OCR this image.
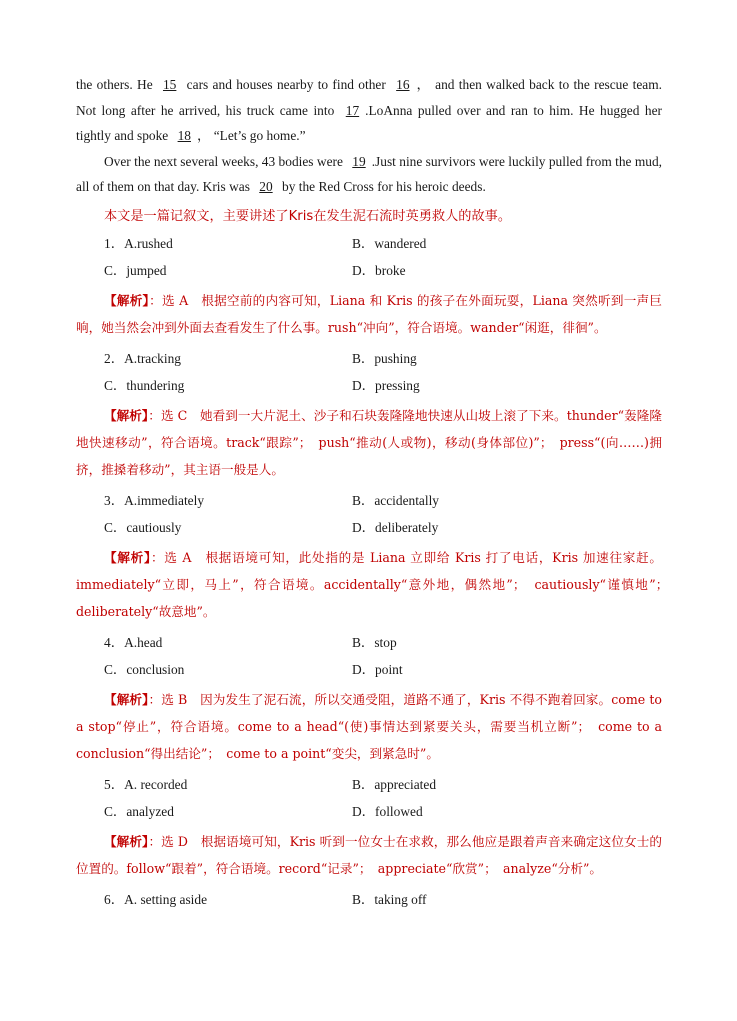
the others. He 15 cars and houses nearby to find other 16 ， and then walked back to the rescue team. Not long after he arrived, his truck came into 17 .LoAnna pulled over and ran to him. He hugged her tightly and spoke 18 ， “Let’s go home.”

Over the next several weeks, 43 bodies were 19 .Just nine survivors were luckily pulled from the mud, all of them on that day. Kris was 20 by the Red Cross for his heroic deeds.

本文是一篇记叙文，主要讲述了Kris在发生泥石流时英勇救人的故事。
1．A.rushed	B．wandered
C．jumped	D．broke
【解析】：选 A　根据空前的内容可知，Liana 和 Kris 的孩子在外面玩耍，Liana 突然听到一声巨响，她当然会冲到外面去查看发生了什么事。rush“冲向”，符合语境。wander“闲逛，徘徊”。
2．A.tracking	B．pushing
C．thundering	D．pressing
【解析】：选 C　她看到一大片泥土、沙子和石块轰隆隆地快速从山坡上滚了下来。thunder“轰隆隆地快速移动”，符合语境。track“跟踪”；　push“推动(人或物)，移动(身体部位)”；　press“(向……)拥挤，推搡着移动”，其主语一般是人。
3．A.immediately	B．accidentally
C．cautiously	D．deliberately
【解析】：选 A　根据语境可知，此处指的是 Liana 立即给 Kris 打了电话，Kris 加速往家赶。immediately“立即，马上”，符合语境。accidentally“意外地，偶然地”；　cautiously“谨慎地”；　deliberately“故意地”。
4．A.head	B．stop
C．conclusion	D．point
【解析】：选 B　因为发生了泥石流，所以交通受阻，道路不通了，Kris 不得不跑着回家。come to a stop“停止”，符合语境。come to a head“(使)事情达到紧要关头，需要当机立断”；　come to a conclusion“得出结论”；　come to a point“变尖，到紧急时”。
5．A. recorded	B．appreciated
C．analyzed	D．followed
【解析】：选 D　根据语境可知，Kris 听到一位女士在求救，那么他应是跟着声音来确定这位女士的位置的。follow“跟着”，符合语境。record“记录”；　appreciate“欣赏”；　analyze“分析”。
6．A. setting aside	B．taking off
